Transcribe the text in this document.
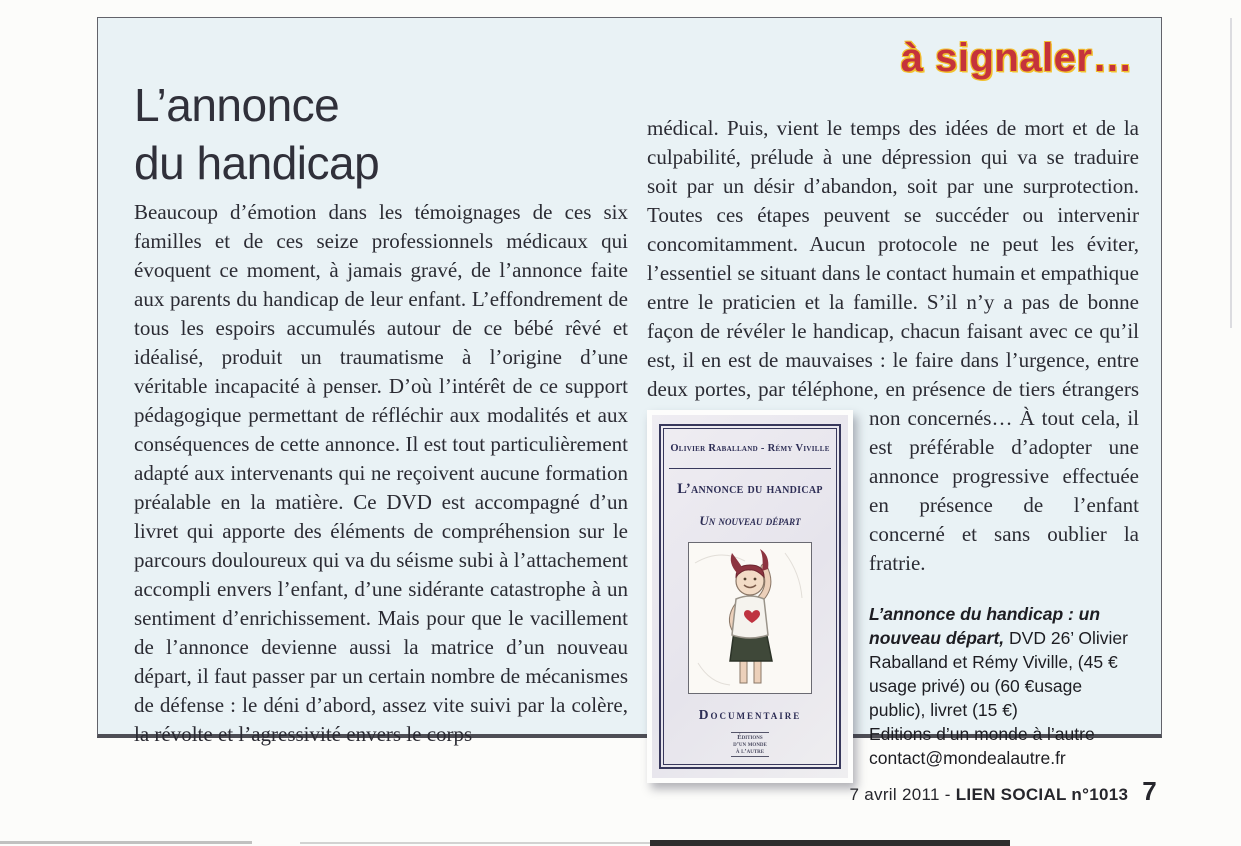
à signaler…
L’annonce
du handicap
Beaucoup d’émotion dans les témoignages de ces six familles et de ces seize professionnels médicaux qui évoquent ce moment, à jamais gravé, de l’annonce faite aux parents du handicap de leur enfant. L’effondrement de tous les espoirs accumulés autour de ce bébé rêvé et idéalisé, produit un traumatisme à l’origine d’une véritable incapacité à penser. D’où l’intérêt de ce support pédagogique permettant de réfléchir aux modalités et aux conséquences de cette annonce. Il est tout particulièrement adapté aux intervenants qui ne reçoivent aucune formation préalable en la matière. Ce DVD est accompagné d’un livret qui apporte des éléments de compréhension sur le parcours douloureux qui va du séisme subi à l’attachement accompli envers l’enfant, d’une sidérante catastrophe à un sentiment d’enrichissement. Mais pour que le vacillement de l’annonce devienne aussi la matrice d’un nouveau départ, il faut passer par un certain nombre de mécanismes de défense : le déni d’abord, assez vite suivi par la colère, la révolte et l’agressivité envers le corps

médical. Puis, vient le temps des idées de mort et de la culpabilité, prélude à une dépression qui va se traduire soit par un désir d’abandon, soit par une surprotection. Toutes ces étapes peuvent se succéder ou intervenir concomitamment. Aucun protocole ne peut les éviter, l’essentiel se situant dans le contact humain et empathique entre le praticien et la famille. S’il n’y a pas de bonne façon de révéler le handicap, chacun faisant avec ce qu’il est, il en est de mauvaises : le faire dans l’urgence, entre deux portes, par téléphone, en présence de tiers étrangers non concernés… À tout
Olivier Raballand - Rémy Viville
L’annonce du handicap
Un nouveau départ
Documentaire
Éditions
d’un monde
à l’autre
cela, il est préférable d’adopter une annonce progressive effectuée en présence de l’enfant concerné et sans oublier la fratrie.

L’annonce du handicap : un nouveau départ, DVD 26’ Olivier Raballand et Rémy Viville, (45 € usage privé) ou (60 €usage public), livret (15 €)

Editions d’un monde à l’autre

contact@mondealautre.fr

7 avril 2011 - LIEN SOCIAL n°1013 7
